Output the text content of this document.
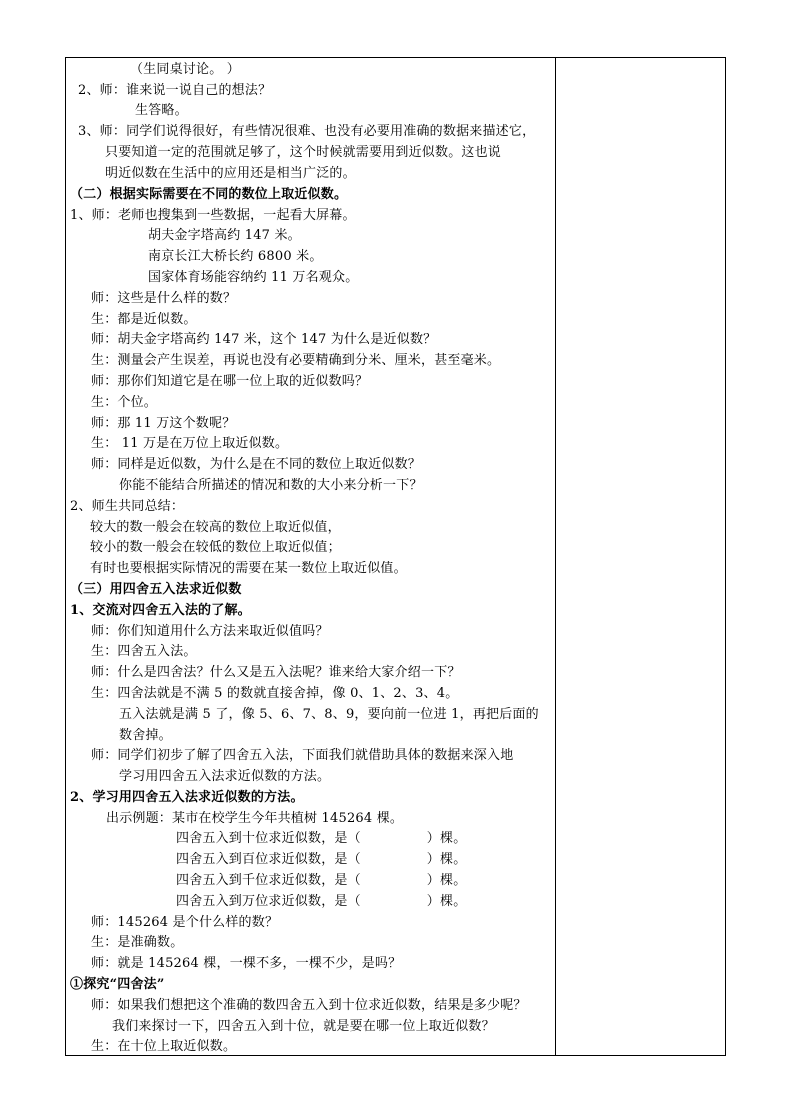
（生同桌讨论。 ）
2、师：谁来说一说自己的想法？
生答略。
3、师：同学们说得很好，有些情况很难、也没有必要用准确的数据来描述它，
只要知道一定的范围就足够了，这个时候就需要用到近似数。这也说
明近似数在生活中的应用还是相当广泛的。
（二）根据实际需要在不同的数位上取近似数。
1、师：老师也搜集到一些数据，一起看大屏幕。
胡夫金字塔高约 147 米。
南京长江大桥长约 6800 米。
国家体育场能容纳约 11 万名观众。
师：这些是什么样的数？
生：都是近似数。
师：胡夫金字塔高约 147 米，这个 147 为什么是近似数？
生：测量会产生误差，再说也没有必要精确到分米、厘米，甚至毫米。
师：那你们知道它是在哪一位上取的近似数吗？
生：个位。
师：那 11 万这个数呢？
生： 11 万是在万位上取近似数。
师：同样是近似数，为什么是在不同的数位上取近似数？
你能不能结合所描述的情况和数的大小来分析一下？
2、师生共同总结：
较大的数一般会在较高的数位上取近似值，
较小的数一般会在较低的数位上取近似值；
有时也要根据实际情况的需要在某一数位上取近似值。
（三）用四舍五入法求近似数
1、交流对四舍五入法的了解。
师：你们知道用什么方法来取近似值吗？
生：四舍五入法。
师：什么是四舍法？什么又是五入法呢？谁来给大家介绍一下？
生：四舍法就是不满 5 的数就直接舍掉，像 0、1、2、3、4。
五入法就是满 5 了，像 5、6、7、8、9，要向前一位进 1，再把后面的
数舍掉。
师：同学们初步了解了四舍五入法，下面我们就借助具体的数据来深入地
学习用四舍五入法求近似数的方法。
2、学习用四舍五入法求近似数的方法。
出示例题：某市在校学生今年共植树 145264 棵。
四舍五入到十位求近似数，是（　　　　　）棵。
四舍五入到百位求近似数，是（　　　　　）棵。
四舍五入到千位求近似数，是（　　　　　）棵。
四舍五入到万位求近似数，是（　　　　　）棵。
师：145264 是个什么样的数？
生：是准确数。
师：就是 145264 棵，一棵不多，一棵不少，是吗？
①探究“四舍法”
师：如果我们想把这个准确的数四舍五入到十位求近似数，结果是多少呢？
我们来探讨一下，四舍五入到十位，就是要在哪一位上取近似数？
生：在十位上取近似数。
